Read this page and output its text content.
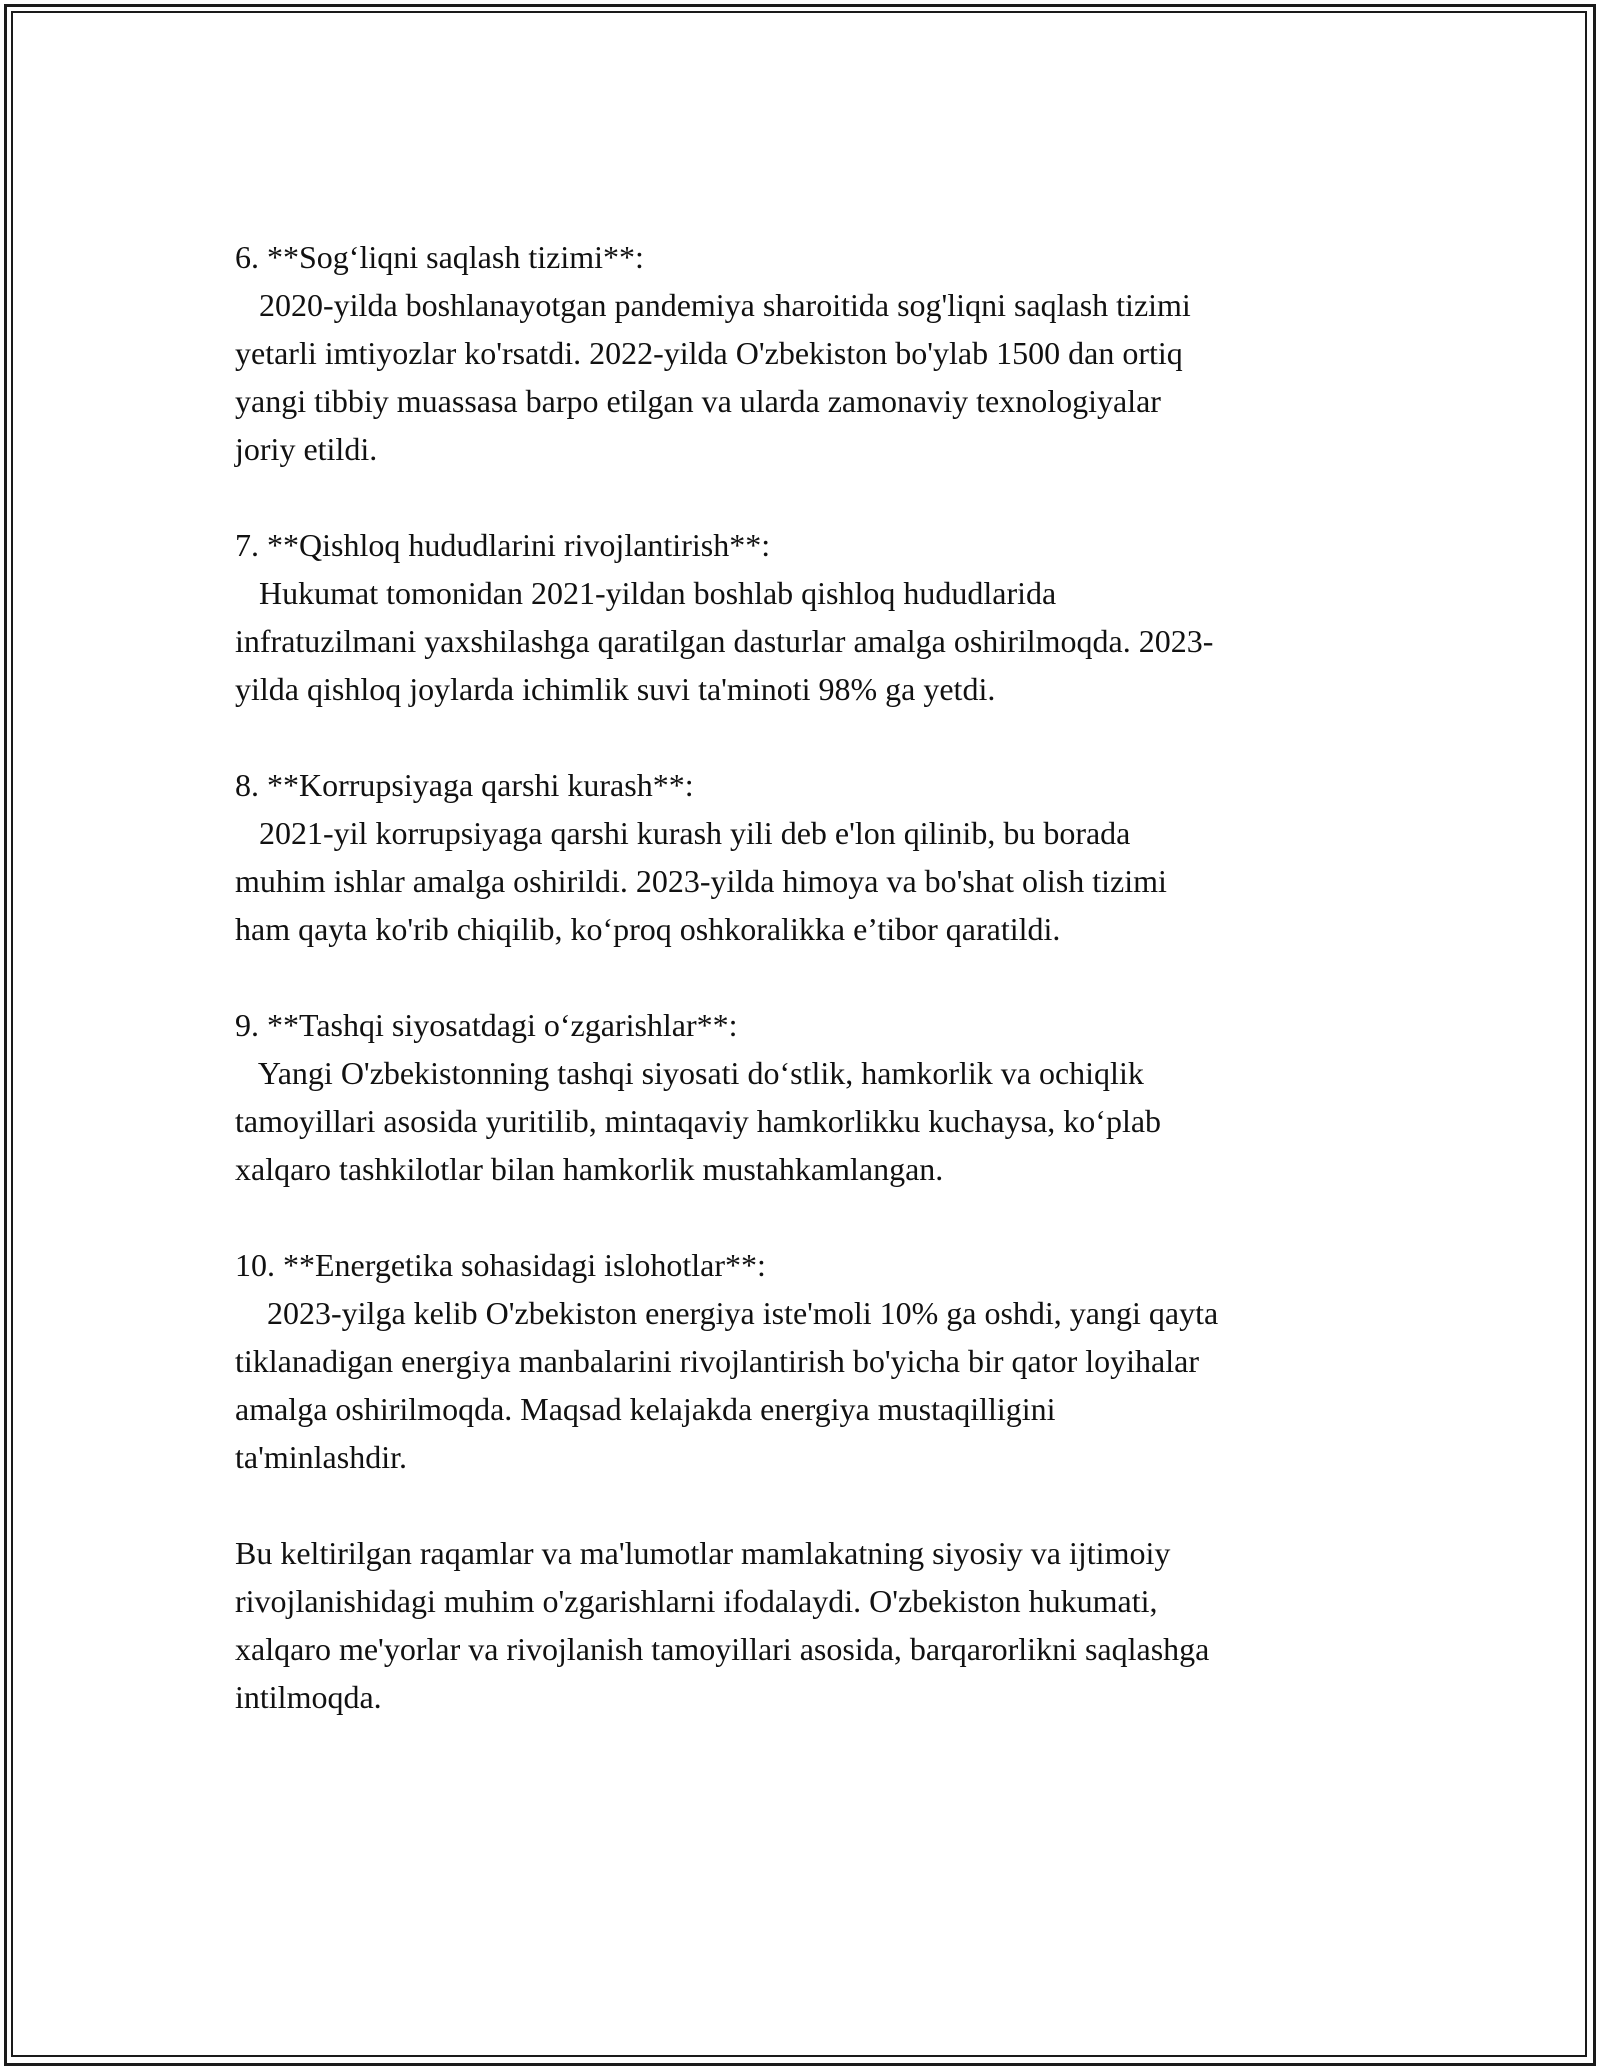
6. **Sog‘liqni saqlash tizimi**:
2020-yilda boshlanayotgan pandemiya sharoitida sog'liqni saqlash tizimi
yetarli imtiyozlar ko'rsatdi. 2022-yilda O'zbekiston bo'ylab 1500 dan ortiq
yangi tibbiy muassasa barpo etilgan va ularda zamonaviy texnologiyalar
joriy etildi.
7. **Qishloq hududlarini rivojlantirish**:
Hukumat tomonidan 2021-yildan boshlab qishloq hududlarida
infratuzilmani yaxshilashga qaratilgan dasturlar amalga oshirilmoqda. 2023-
yilda qishloq joylarda ichimlik suvi ta'minoti 98% ga yetdi.
8. **Korrupsiyaga qarshi kurash**:
2021-yil korrupsiyaga qarshi kurash yili deb e'lon qilinib, bu borada
muhim ishlar amalga oshirildi. 2023-yilda himoya va bo'shat olish tizimi
ham qayta ko'rib chiqilib, ko‘proq oshkoralikka e’tibor qaratildi.
9. **Tashqi siyosatdagi o‘zgarishlar**:
Yangi O'zbekistonning tashqi siyosati do‘stlik, hamkorlik va ochiqlik
tamoyillari asosida yuritilib, mintaqaviy hamkorlikku kuchaysa, ko‘plab
xalqaro tashkilotlar bilan hamkorlik mustahkamlangan.
10. **Energetika sohasidagi islohotlar**:
2023-yilga kelib O'zbekiston energiya iste'moli 10% ga oshdi, yangi qayta
tiklanadigan energiya manbalarini rivojlantirish bo'yicha bir qator loyihalar
amalga oshirilmoqda. Maqsad kelajakda energiya mustaqilligini
ta'minlashdir.
Bu keltirilgan raqamlar va ma'lumotlar mamlakatning siyosiy va ijtimoiy
rivojlanishidagi muhim o'zgarishlarni ifodalaydi. O'zbekiston hukumati,
xalqaro me'yorlar va rivojlanish tamoyillari asosida, barqarorlikni saqlashga
intilmoqda.
